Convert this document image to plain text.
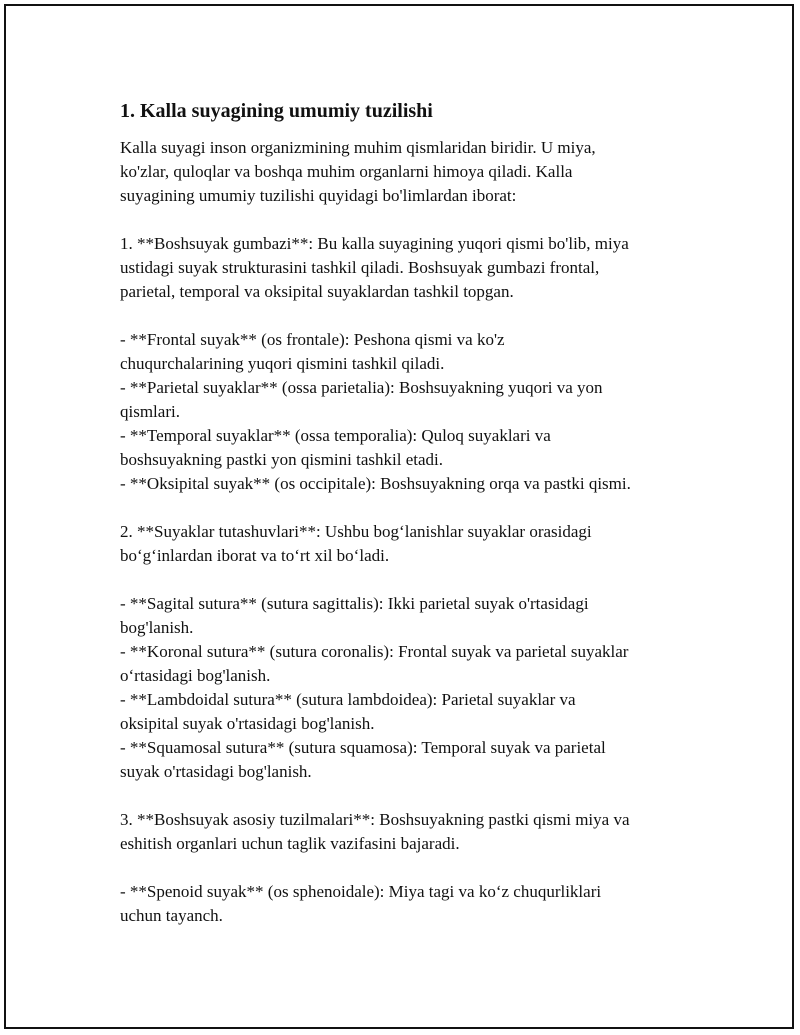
1. Kalla suyagining umumiy tuzilishi

Kalla suyagi inson organizmining muhim qismlaridan biridir. U miya,
ko'zlar, quloqlar va boshqa muhim organlarni himoya qiladi. Kalla
suyagining umumiy tuzilishi quyidagi bo'limlardan iborat:

1. **Boshsuyak gumbazi**: Bu kalla suyagining yuqori qismi bo'lib, miya
ustidagi suyak strukturasini tashkil qiladi. Boshsuyak gumbazi frontal,
parietal, temporal va oksipital suyaklardan tashkil topgan.

- **Frontal suyak** (os frontale): Peshona qismi va ko'z
chuqurchalarining yuqori qismini tashkil qiladi.

- **Parietal suyaklar** (ossa parietalia): Boshsuyakning yuqori va yon
qismlari.

- **Temporal suyaklar** (ossa temporalia): Quloq suyaklari va
boshsuyakning pastki yon qismini tashkil etadi.

- **Oksipital suyak** (os occipitale): Boshsuyakning orqa va pastki qismi.

2. **Suyaklar tutashuvlari**: Ushbu bog‘lanishlar suyaklar orasidagi
bo‘g‘inlardan iborat va to‘rt xil bo‘ladi.

- **Sagital sutura** (sutura sagittalis): Ikki parietal suyak o'rtasidagi
bog'lanish.

- **Koronal sutura** (sutura coronalis): Frontal suyak va parietal suyaklar
o‘rtasidagi bog'lanish.

- **Lambdoidal sutura** (sutura lambdoidea): Parietal suyaklar va
oksipital suyak o'rtasidagi bog'lanish.

- **Squamosal sutura** (sutura squamosa): Temporal suyak va parietal
suyak o'rtasidagi bog'lanish.

3. **Boshsuyak asosiy tuzilmalari**: Boshsuyakning pastki qismi miya va
eshitish organlari uchun taglik vazifasini bajaradi.

- **Spenoid suyak** (os sphenoidale): Miya tagi va ko‘z chuqurliklari
uchun tayanch.
